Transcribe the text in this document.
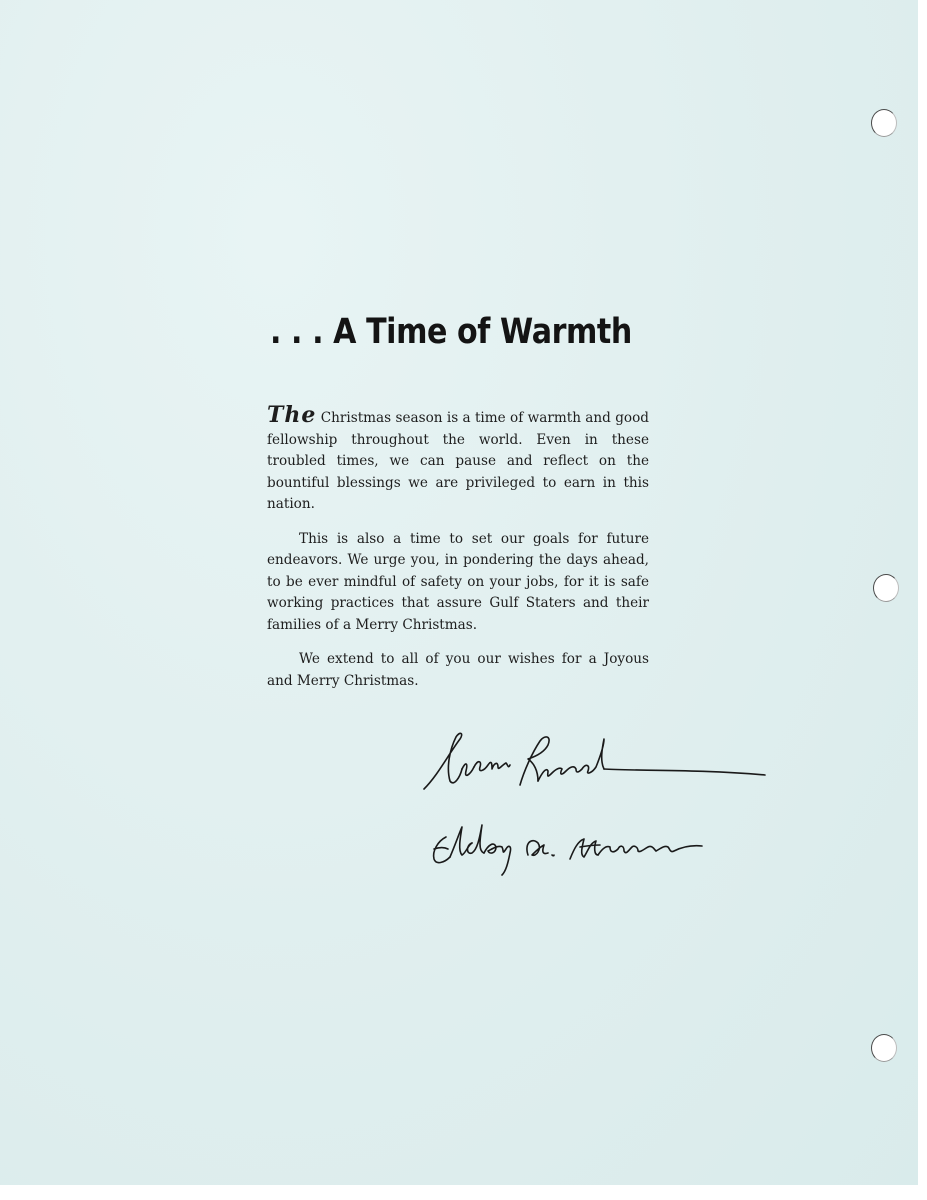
. . . A Time of Warmth

The Christmas season is a time of warmth and good fellowship throughout the world. Even in these troubled times, we can pause and reflect on the bountiful blessings we are privileged to earn in this nation.

This is also a time to set our goals for future endeavors. We urge you, in pondering the days ahead, to be ever mindful of safety on your jobs, for it is safe working practices that assure Gulf Staters and their families of a Merry Christmas.

We extend to all of you our wishes for a Joyous and Merry Christmas.
